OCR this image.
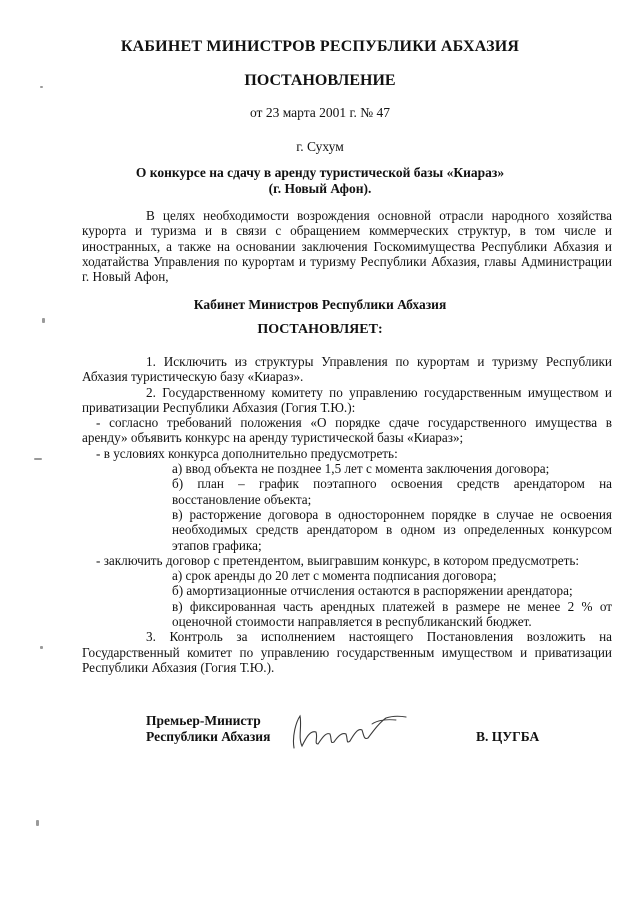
КАБИНЕТ МИНИСТРОВ РЕСПУБЛИКИ АБХАЗИЯ
ПОСТАНОВЛЕНИЕ
от 23 марта 2001 г. № 47
г. Сухум
О конкурсе на сдачу в аренду туристической базы «Киараз»
(г. Новый Афон).

В целях необходимости возрождения основной отрасли народного хозяйства курорта и туризма и в связи с обращением коммерческих структур, в том числе и иностранных, а также на основании заключения Госкомимущества Республики Абхазия и ходатайства Управления по курортам и туризму Республики Абхазия, главы Администрации г. Новый Афон,

Кабинет Министров Республики Абхазия
ПОСТАНОВЛЯЕТ:

1. Исключить из структуры Управления по курортам и туризму Республики Абхазия туристическую базу «Киараз».

2. Государственному комитету по управлению государственным имуществом и приватизации Республики Абхазия (Гогия Т.Ю.):

- согласно требований положения «О порядке сдаче государственного имущества в аренду» объявить конкурс на аренду туристической базы «Киараз»;

- в условиях конкурса дополнительно предусмотреть:

а) ввод объекта не позднее 1,5 лет с момента заключения договора;

б) план – график поэтапного освоения средств арендатором на восстановление объекта;

в) расторжение договора в одностороннем порядке в случае не освоения необходимых средств арендатором в одном из определенных конкурсом этапов графика;

- заключить договор с претендентом, выигравшим конкурс, в котором предусмотреть:

а) срок аренды до 20 лет с момента подписания договора;

б) амортизационные отчисления остаются в распоряжении арендатора;

в) фиксированная часть арендных платежей в размере не менее 2 % от оценочной стоимости направляется в республиканский бюджет.

3. Контроль за исполнением настоящего Постановления возложить на Государственный комитет по управлению государственным имуществом и приватизации Республики Абхазия (Гогия Т.Ю.).

Премьер-Министр
Республики Абхазия	В. ЦУГБА
